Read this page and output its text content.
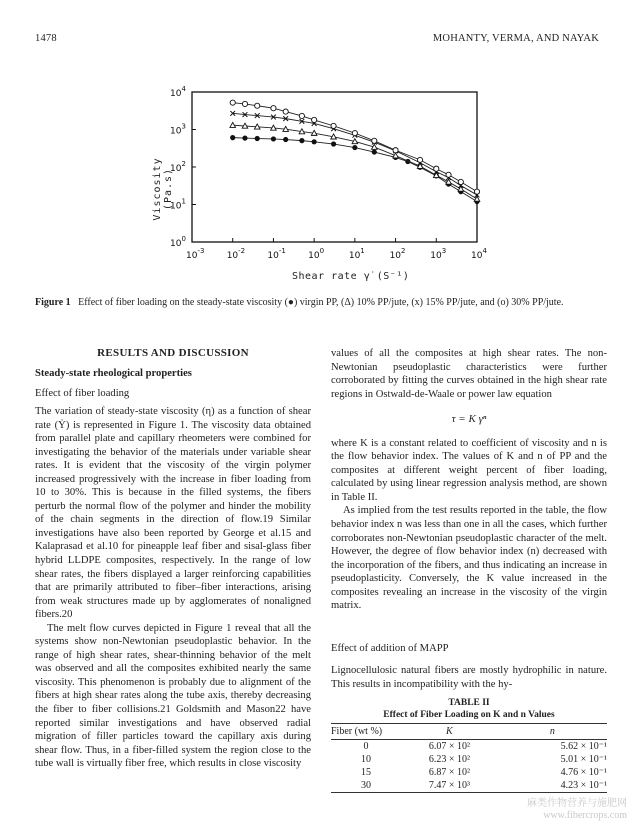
1478	MOHANTY, VERMA, AND NAYAK
$10^{-3}$ $10^{-2}$ $10^{-1}$ $10^0$	$10^1$	$10^2$	$10^3$	$10^4$
$10^0$
$10^1$
$10^2$
$10^3$
$10^4$
Viscosity (Pa.s)
Shear rate γ̇ (S⁻¹)
Figure 1 Effect of fiber loading on the steady-state viscosity (●) virgin PP, (Δ) 10% PP/jute, (x) 15% PP/jute, and (o) 30% PP/jute.
RESULTS AND DISCUSSION
Steady-state rheological properties
Effect of fiber loading

The variation of steady-state viscosity (η) as a function of shear rate (Ẏ) is represented in Figure 1. The viscosity data obtained from parallel plate and capillary rheometers were combined for investigating the behavior of the materials under variable shear rates. It is evident that the viscosity of the virgin polymer increased progressively with the increase in fiber loading from 10 to 30%. This is because in the filled systems, the fibers perturb the normal flow of the polymer and hinder the mobility of the chain segments in the direction of flow.19 Similar investigations have also been reported by George et al.15 and Kalaprasad et al.10 for pineapple leaf fiber and sisal-glass fiber hybrid LLDPE composites, respectively. In the range of low shear rates, the fibers displayed a larger reinforcing capabilities that are primarily attributed to fiber–fiber interactions, arising from weak structures made up by agglomerates of nonaligned fibers.20

The melt flow curves depicted in Figure 1 reveal that all the systems show non-Newtonian pseudoplastic behavior. In the range of high shear rates, shear-thinning behavior of the melt was observed and all the composites exhibited nearly the same viscosity. This phenomenon is probably due to alignment of the fibers at high shear rates along the tube axis, thereby decreasing the fiber to fiber collisions.21 Goldsmith and Mason22 have reported similar investigations and have observed radial migration of filler particles toward the capillary axis during shear flow. Thus, in a fiber-filled system the region close to the tube wall is virtually fiber free, which results in close viscosity

values of all the composites at high shear rates. The non-Newtonian pseudoplastic characteristics were further corroborated by fitting the curves obtained in the high shear rate regions in Ostwald-de-Waale or power law equation

τ = K γⁿ

where K is a constant related to coefficient of viscosity and n is the flow behavior index. The values of K and n of PP and the composites at different weight percent of fiber loading, calculated by using linear regression analysis method, are shown in Table II.

As implied from the test results reported in the table, the flow behavior index n was less than one in all the cases, which further corroborates non-Newtonian pseudoplastic character of the melt. However, the degree of flow behavior index (n) decreased with the incorporation of the fibers, and thus indicating an increase in pseudoplasticity. Conversely, the K value increased in the composites revealing an increase in the viscosity of the virgin matrix.

Effect of addition of MAPP
Lignocellulosic natural fibers are mostly hydrophilic in nature. This results in incompatibility with the hy-
TABLE II
Effect of Fiber Loading on K and n Values
Fiber (wt %)	K	n
0	6.07 × 10²	5.62 × 10⁻¹
10	6.23 × 10²	5.01 × 10⁻¹
15	6.87 × 10²	4.76 × 10⁻¹
30	7.47 × 10³	4.23 × 10⁻¹
麻类作物营养与施肥网
www.fibercrops.com
